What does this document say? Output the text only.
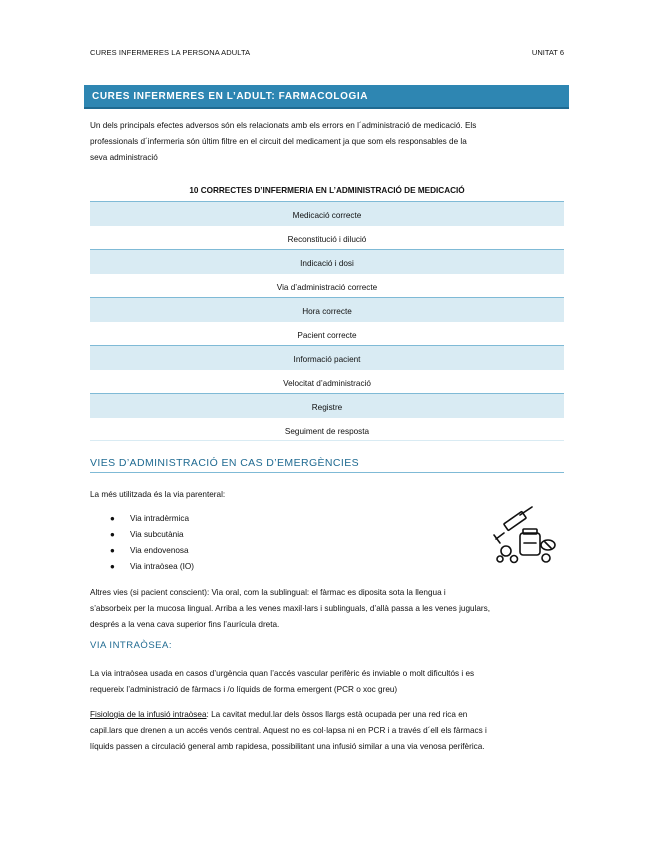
CURES INFERMERES LA PERSONA ADULTA	UNITAT 6
CURES INFERMERES EN L’ADULT: FARMACOLOGIA

Un dels principals efectes adversos són els relacionats amb els errors en l´administració de medicació. Els

professionals d´infermeria són últim filtre en el circuit del medicament ja que som els responsables de la

seva administració

10 CORRECTES D’INFERMERIA EN L’ADMINISTRACIÓ DE MEDICACIÓ
Medicació correcte
Reconstitució i dilució
Indicació i dosi
Via d’administració correcte
Hora correcte
Pacient correcte
Informació pacient
Velocitat d’administració
Registre
Seguiment de resposta
VIES D’ADMINISTRACIÓ EN CAS D’EMERGÈNCIES

La més utilitzada és la via parenteral:

● Via intradèrmica
● Via subcutània
● Via endovenosa
● Via intraòsea (IO)

Altres vies (si pacient conscient): Via oral, com la sublingual: el fàrmac es diposita sota la llengua i

s’absorbeix per la mucosa lingual. Arriba a les venes maxil·lars i sublinguals, d’allà passa a les venes jugulars,

després a la vena cava superior fins l’aurícula dreta.

VIA INTRAÒSEA:

La via intraòsea usada en casos d’urgència quan l’accés vascular perifèric és inviable o molt dificultós i es

requereix l’administració de fàrmacs i /o líquids de forma emergent (PCR o xoc greu)

Fisiologia de la infusió intraòsea: La cavitat medul.lar dels òssos llargs està ocupada per una red rica en

capil.lars que drenen a un accés venós central. Aquest no es col·lapsa ni en PCR i a través d´ell els fàrmacs i

líquids passen a circulació general amb rapidesa, possibilitant una infusió similar a una via venosa perifèrica.
